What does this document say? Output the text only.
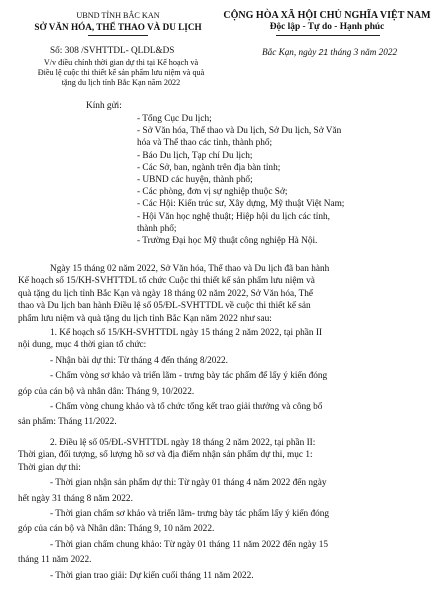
UBND TỈNH BẮC KAN
SỞ VĂN HÓA, THỂ THAO VÀ DU LỊCH
CỘNG HÒA XÃ HỘI CHỦ NGHĨA VIỆT NAM
Độc lập - Tự do - Hạnh phúc
Số: 308 /SVHTTDL- QLDL&DS
V/v điều chỉnh thời gian dự thi tại Kế hoạch và
Điều lệ cuộc thi thiết kế sản phẩm lưu niệm và quà
tặng du lịch tỉnh Bắc Kạn năm 2022
Bắc Kạn, ngày 21 tháng 3 năm 2022
Kính gửi:
- Tổng Cục Du lịch;
- Sở Văn hóa, Thể thao và Du lịch, Sở Du lịch, Sở Văn
hóa và Thể thao các tỉnh, thành phố;
- Báo Du lịch, Tạp chí Du lịch;
- Các Sở, ban, ngành trên địa bàn tỉnh;
- UBND các huyện, thành phố;
- Các phòng, đơn vị sự nghiệp thuộc Sở;
- Các Hội: Kiến trúc sư, Xây dựng, Mỹ thuật Việt Nam;
- Hội Văn học nghệ thuật; Hiệp hội du lịch các tỉnh,
thành phố;
- Trường Đại học Mỹ thuật công nghiệp Hà Nội.
Ngày 15 tháng 02 năm 2022, Sở Văn hóa, Thể thao và Du lịch đã ban hành
Kế hoạch số 15/KH-SVHTTDL tổ chức Cuộc thi thiết kế sản phẩm lưu niệm và
quà tặng du lịch tỉnh Bắc Kạn và ngày 18 tháng 02 năm 2022, Sở Văn hóa, Thể
thao và Du lịch ban hành Điều lệ số 05/ĐL-SVHTTDL về cuộc thi thiết kế sản
phẩm lưu niệm và quà tặng du lịch tỉnh Bắc Kạn năm 2022 như sau:
1. Kế hoạch số 15/KH-SVHTTDL ngày 15 tháng 2 năm 2022, tại phần II
nội dung, mục 4 thời gian tổ chức:
- Nhận bài dự thi: Từ tháng 4 đến tháng 8/2022.
- Chấm vòng sơ khảo và triển lãm - trưng bày tác phẩm để lấy ý kiến đóng
góp của cán bộ và nhân dân: Tháng 9, 10/2022.
- Chấm vòng chung khảo và tổ chức tổng kết trao giải thưởng và công bố
sản phẩm: Tháng 11/2022.
2. Điều lệ số 05/ĐL-SVHTTDL ngày 18 tháng 2 năm 2022, tại phần II:
Thời gian, đối tượng, số lượng hồ sơ và địa điểm nhận sản phẩm dự thi, mục 1:
Thời gian dự thi:
- Thời gian nhận sản phẩm dự thi: Từ ngày 01 tháng 4 năm 2022 đến ngày
hết ngày 31 tháng 8 năm 2022.
- Thời gian chấm sơ khảo và triển lãm- trưng bày tác phẩm lấy ý kiến đóng
góp của cán bộ và Nhân dân: Tháng 9, 10 năm 2022.
- Thời gian chấm chung khảo: Từ ngày 01 tháng 11 năm 2022 đến ngày 15
tháng 11 năm 2022.
- Thời gian trao giải: Dự kiến cuối tháng 11 năm 2022.
